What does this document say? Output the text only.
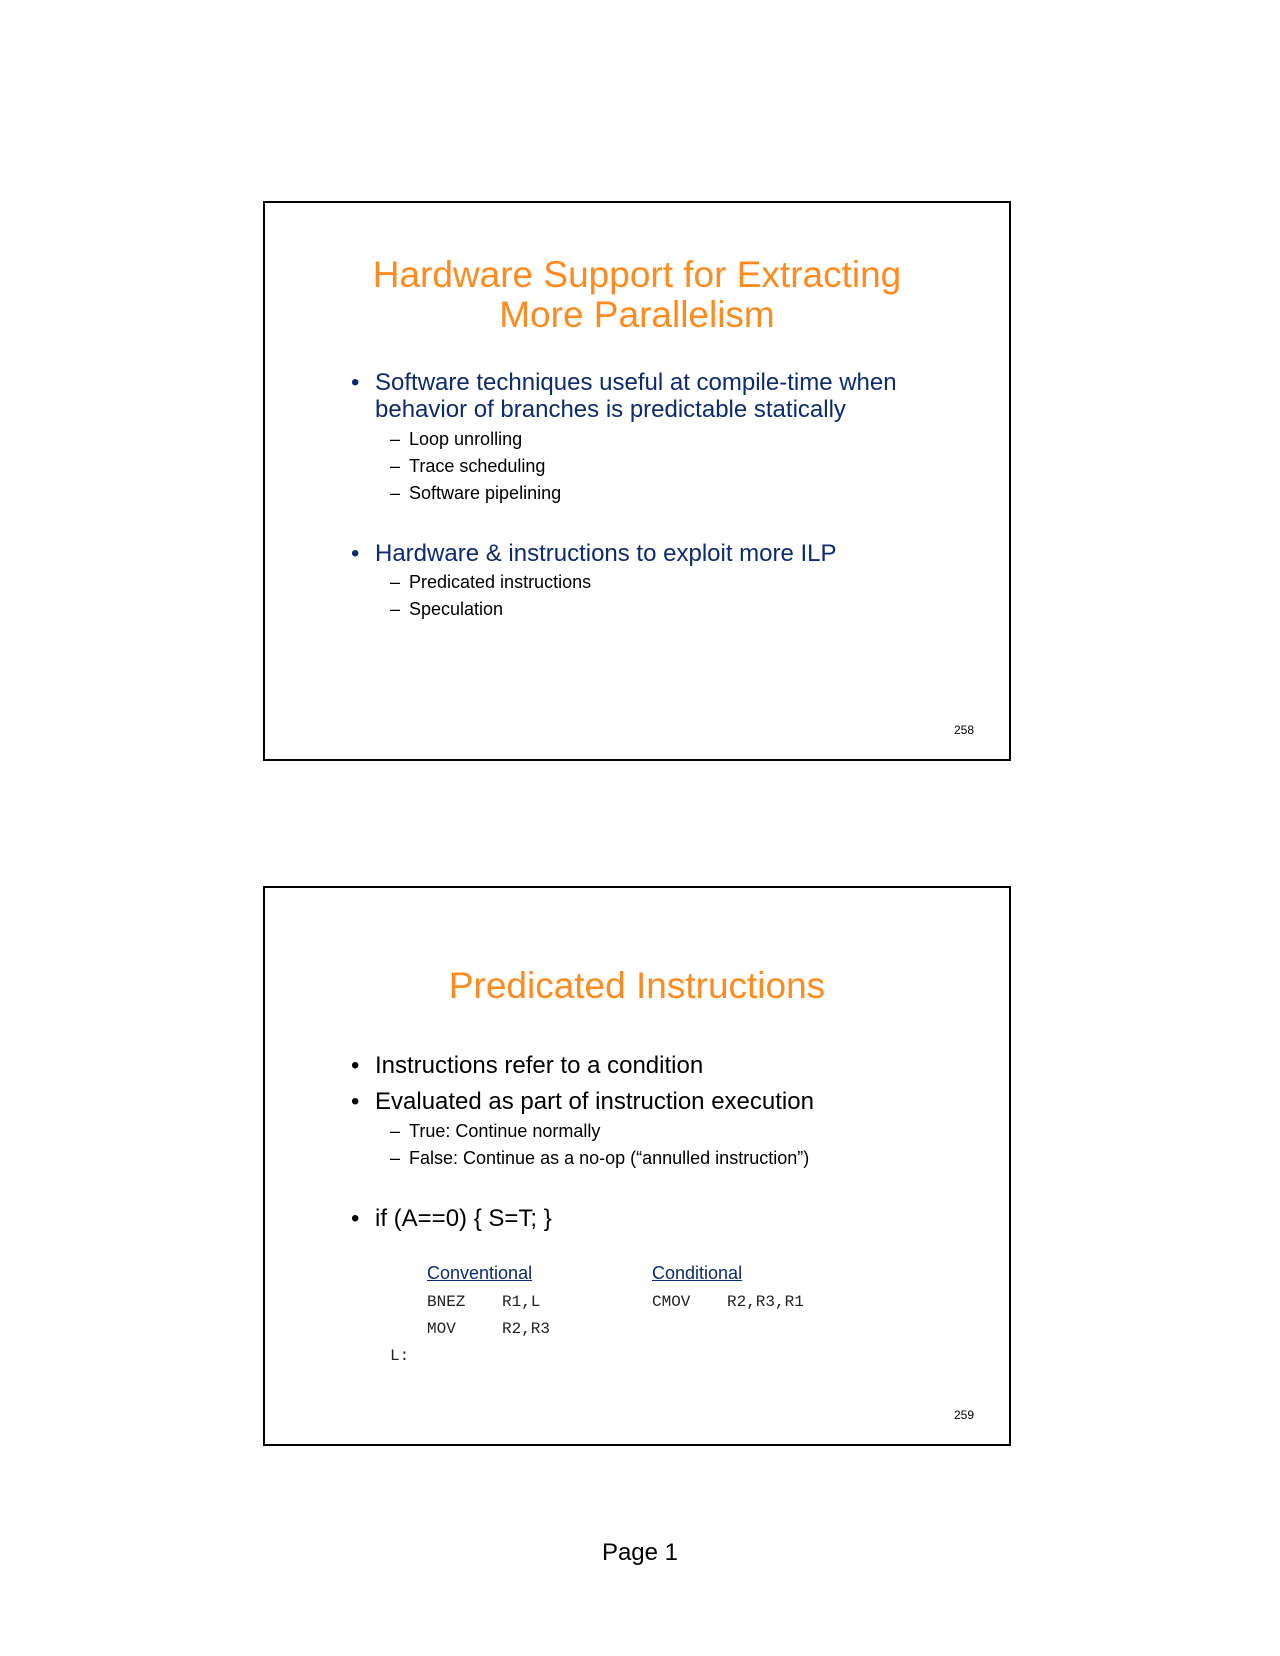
Hardware Support for Extracting
More Parallelism
• Software techniques useful at compile-time when
behavior of branches is predictable statically
– Loop unrolling
– Trace scheduling
– Software pipelining
• Hardware & instructions to exploit more ILP
– Predicated instructions
– Speculation
258
Predicated Instructions
• Instructions refer to a condition
• Evaluated as part of instruction execution
– True: Continue normally
– False: Continue as a no-op (“annulled instruction”)
• if (A==0) { S=T; }
Conventional	Conditional
BNEZ R1,L
MOV	R2,R3
CMOV R2,R3,R1
L:
259
Page 1
